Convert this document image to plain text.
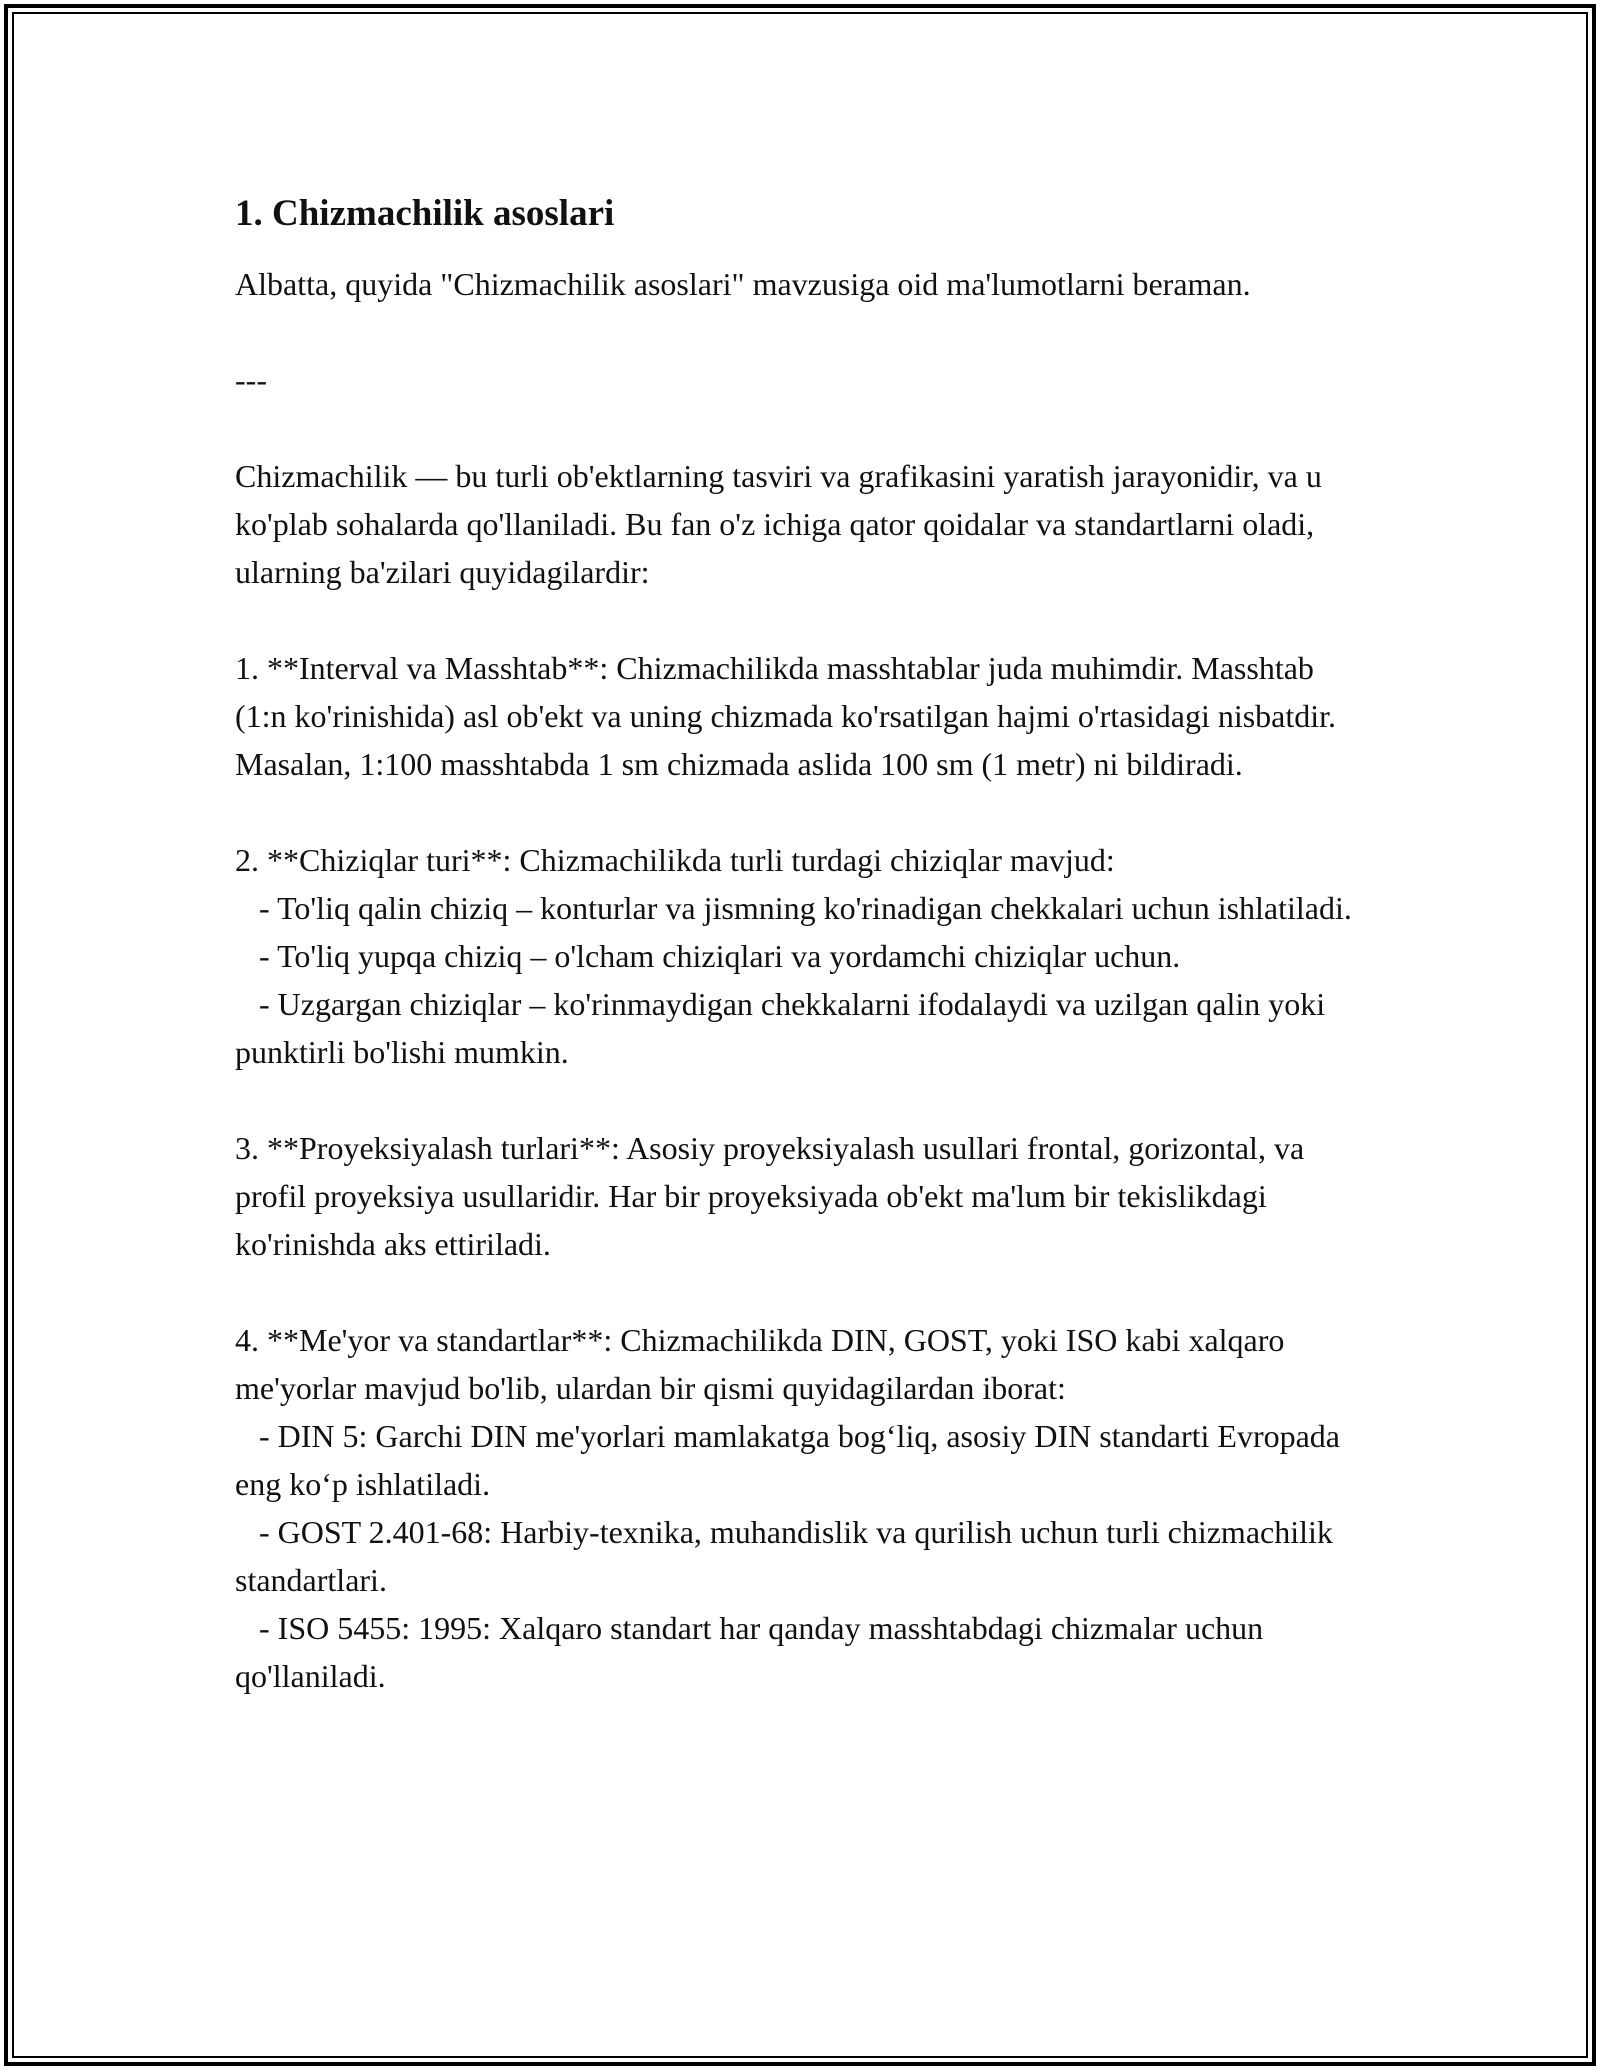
1. Chizmachilik asoslari

Albatta, quyida "Chizmachilik asoslari" mavzusiga oid ma'lumotlarni beraman.

---

Chizmachilik — bu turli ob'ektlarning tasviri va grafikasini yaratish jarayonidir, va u ko'plab sohalarda qo'llaniladi. Bu fan o'z ichiga qator qoidalar va standartlarni oladi, ularning ba'zilari quyidagilardir:

1. **Interval va Masshtab**: Chizmachilikda masshtablar juda muhimdir. Masshtab (1:n ko'rinishida) asl ob'ekt va uning chizmada ko'rsatilgan hajmi o'rtasidagi nisbatdir. Masalan, 1:100 masshtabda 1 sm chizmada aslida 100 sm (1 metr) ni bildiradi.

2. **Chiziqlar turi**: Chizmachilikda turli turdagi chiziqlar mavjud:

- To'liq qalin chiziq – konturlar va jismning ko'rinadigan chekkalari uchun ishlatiladi.

- To'liq yupqa chiziq – o'lcham chiziqlari va yordamchi chiziqlar uchun.

- Uzgargan chiziqlar – ko'rinmaydigan chekkalarni ifodalaydi va uzilgan qalin yoki punktirli bo'lishi mumkin.

3. **Proyeksiyalash turlari**: Asosiy proyeksiyalash usullari frontal, gorizontal, va profil proyeksiya usullaridir. Har bir proyeksiyada ob'ekt ma'lum bir tekislikdagi ko'rinishda aks ettiriladi.

4. **Me'yor va standartlar**: Chizmachilikda DIN, GOST, yoki ISO kabi xalqaro me'yorlar mavjud bo'lib, ulardan bir qismi quyidagilardan iborat:

- DIN 5: Garchi DIN me'yorlari mamlakatga bog‘liq, asosiy DIN standarti Evropada eng ko‘p ishlatiladi.

- GOST 2.401-68: Harbiy-texnika, muhandislik va qurilish uchun turli chizmachilik standartlari.

- ISO 5455: 1995: Xalqaro standart har qanday masshtabdagi chizmalar uchun qo'llaniladi.
